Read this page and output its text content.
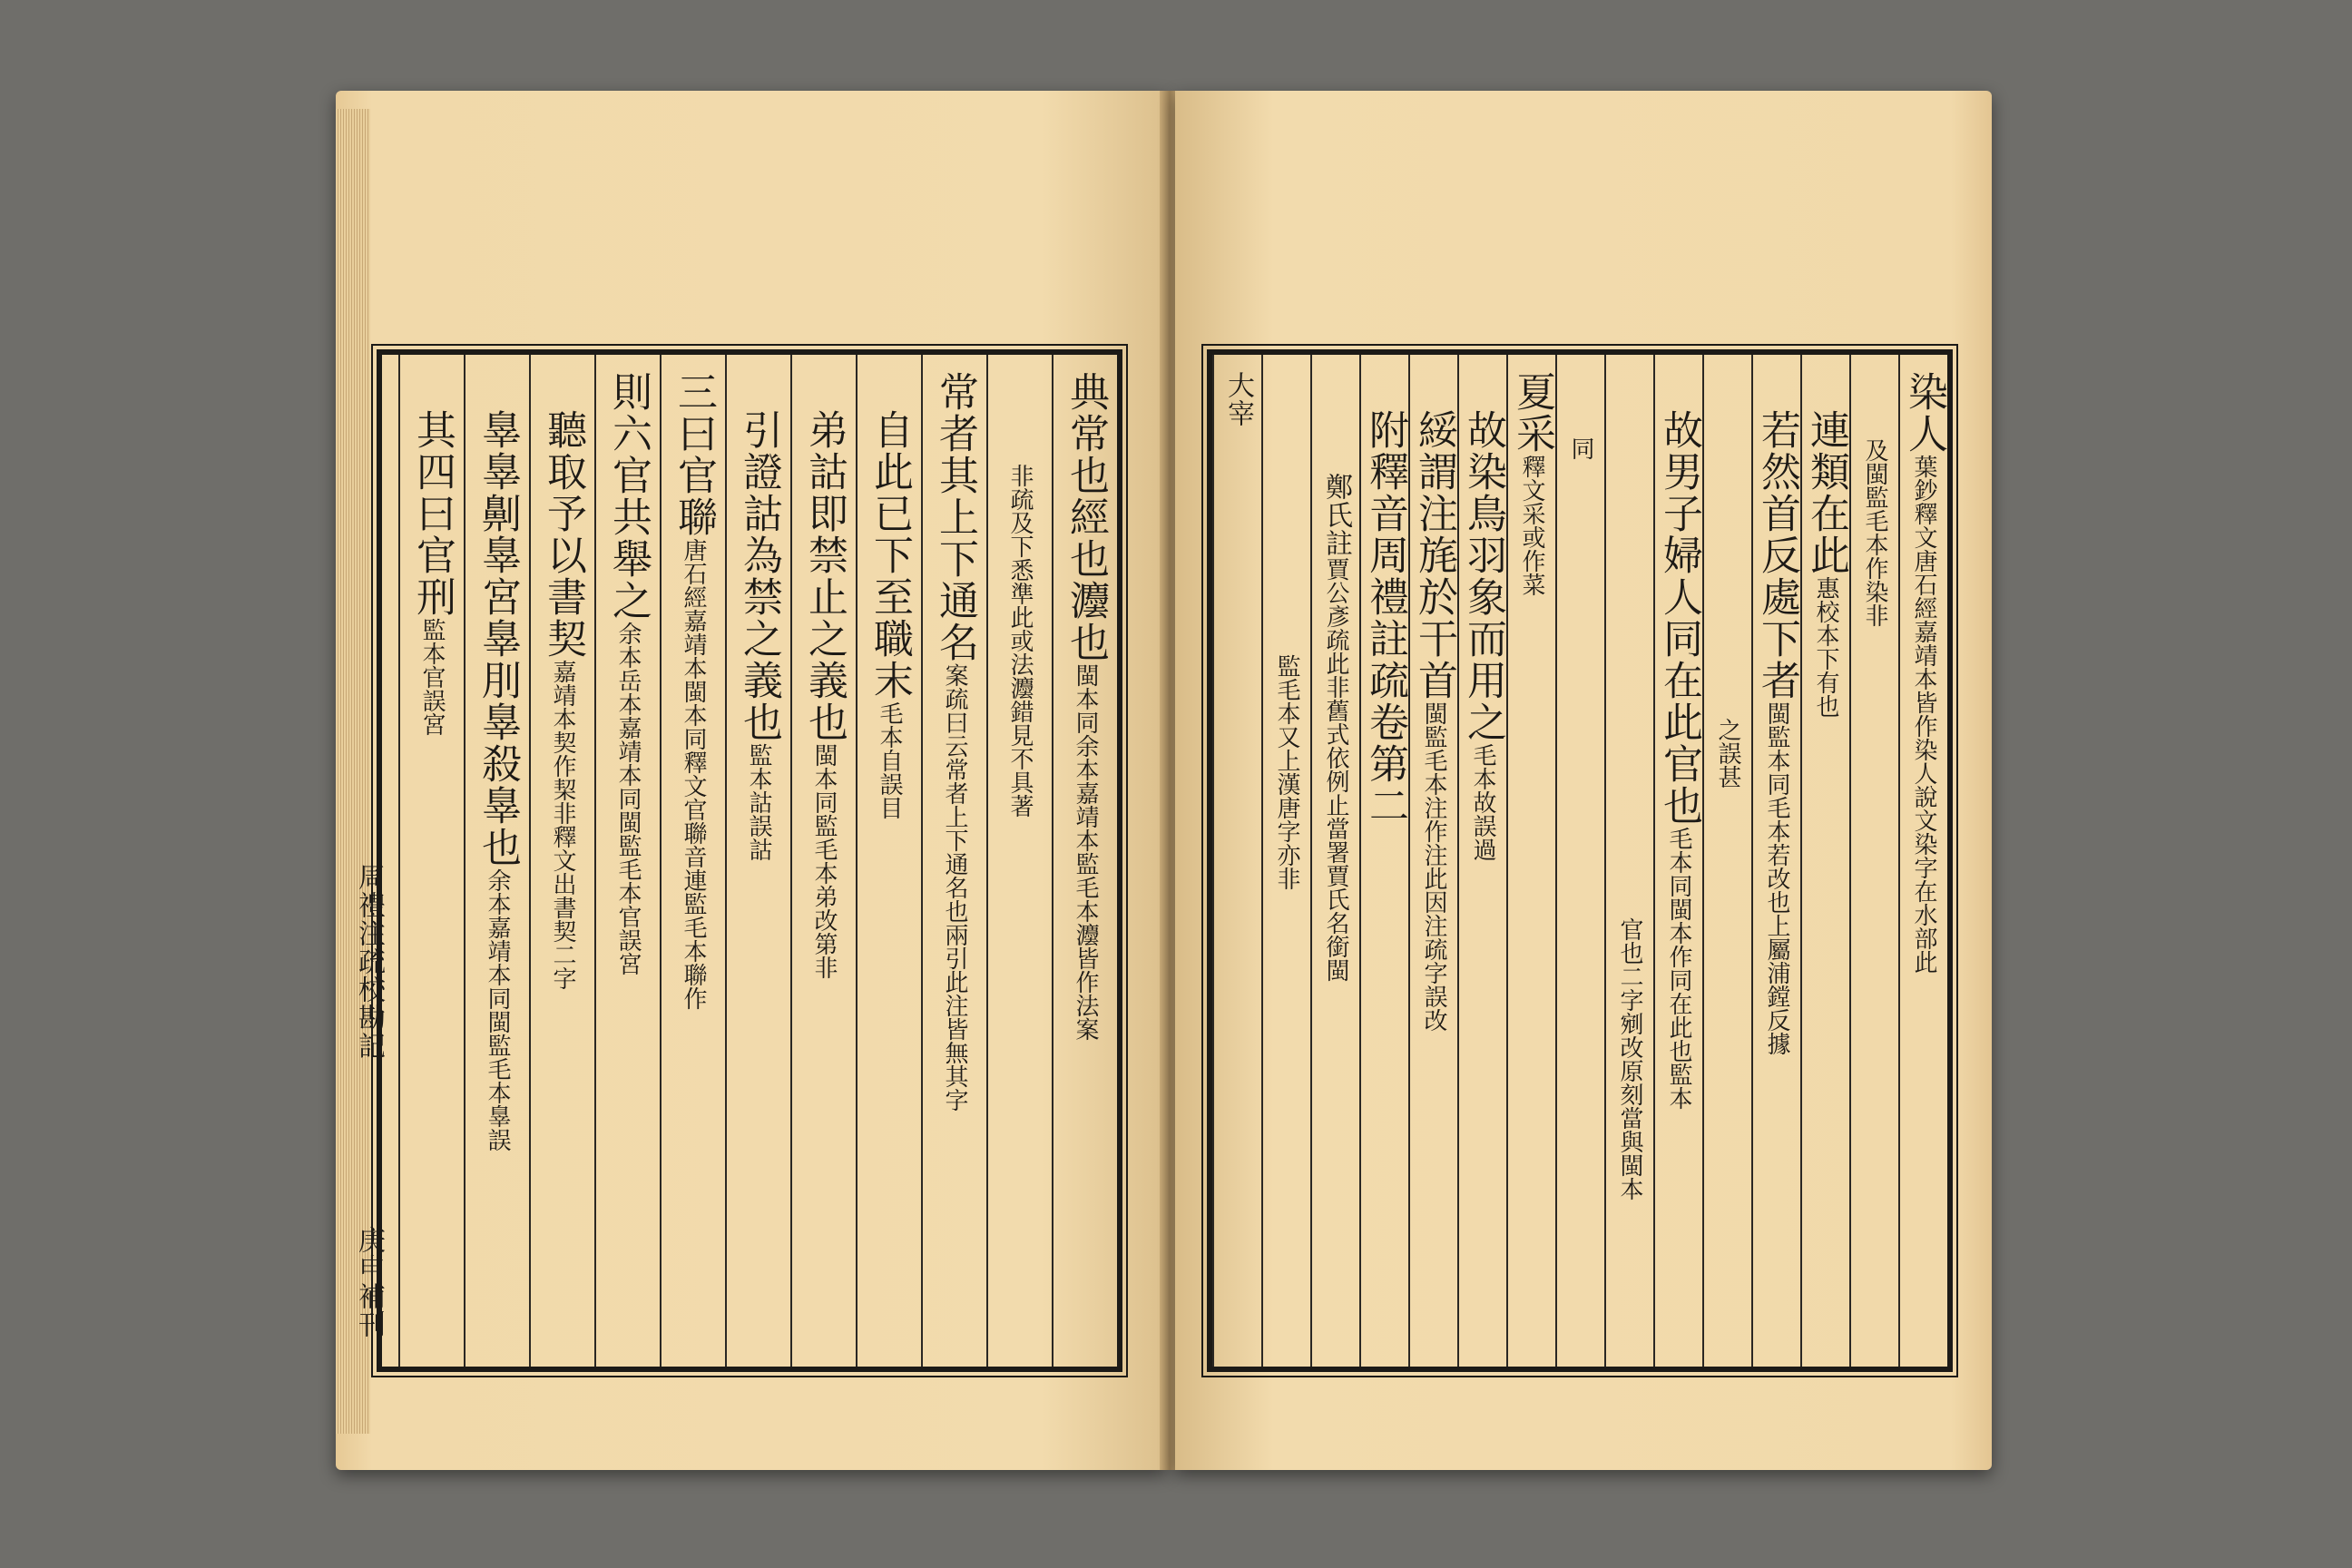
典常也經也灋也閩本同余本嘉靖本監毛本灋皆作法案
非疏及下悉準此或法灋錯見不具著
常者其上下通名案疏曰云常者上下通名也兩引此注皆無其字
自此已下至職末毛本自誤目
弟詁即禁止之義也閩本同監毛本弟改第非
引證詁為禁之義也監本詁誤詁
三曰官聯唐石經嘉靖本閩本同釋文官聯音連監毛本聯作
則六官共舉之余本岳本嘉靖本同閩監毛本官誤宮
聽取予以書契嘉靖本契作栔非釋文出書契二字
辠辠劓辠宮辠刖辠殺辠也余本嘉靖本同閩監毛本辠誤
其四曰官刑監本官誤宮
周禮注疏校勘記
庚申補刊
染人葉鈔釋文唐石經嘉靖本皆作染人說文染字在水部此
及閩監毛本作染非
連類在此惠校本下有也
若然首反處下者閩監本同毛本若改也上屬浦鏜反據
之誤甚
故男子婦人同在此官也毛本同閩本作同在此也監本
官也二字剜改原刻當與閩本
同
夏采釋文采或作菜
故染鳥羽象而用之毛本故誤過
綏謂注旄於干首閩監毛本注作注此因注疏字誤改
附釋音周禮註疏卷第二
鄭氏註賈公彥疏此非舊式依例止當署賈氏名銜閩
監毛本又上漢唐字亦非
大宰
